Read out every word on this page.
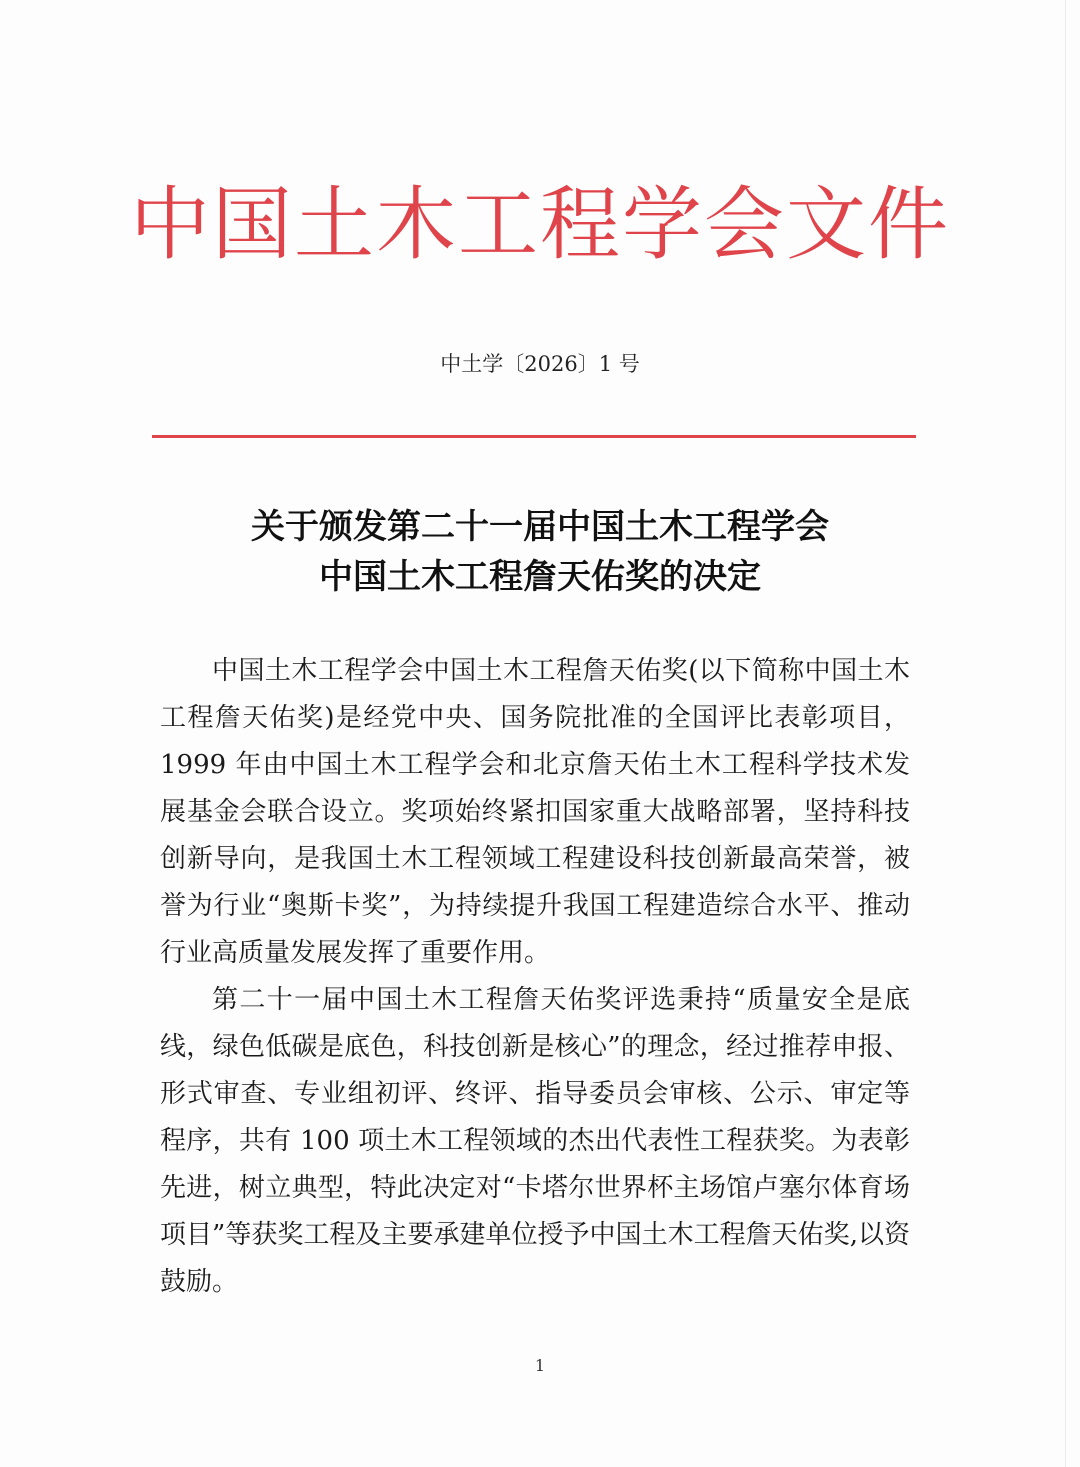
中国土木工程学会文件
中土学〔2026〕1 号
关于颁发第二十一届中国土木工程学会
中国土木工程詹天佑奖的决定

中国土木工程学会中国土木工程詹天佑奖(以下简称中国土木工程詹天佑奖)是经党中央、国务院批准的全国评比表彰项目，1999 年由中国土木工程学会和北京詹天佑土木工程科学技术发展基金会联合设立。奖项始终紧扣国家重大战略部署，坚持科技创新导向，是我国土木工程领域工程建设科技创新最高荣誉，被誉为行业“奥斯卡奖”，为持续提升我国工程建造综合水平、推动行业高质量发展发挥了重要作用。

第二十一届中国土木工程詹天佑奖评选秉持“质量安全是底线，绿色低碳是底色，科技创新是核心”的理念，经过推荐申报、形式审查、专业组初评、终评、指导委员会审核、公示、审定等程序，共有 100 项土木工程领域的杰出代表性工程获奖。为表彰先进，树立典型，特此决定对“卡塔尔世界杯主场馆卢塞尔体育场项目”等获奖工程及主要承建单位授予中国土木工程詹天佑奖,以资鼓励。

1
